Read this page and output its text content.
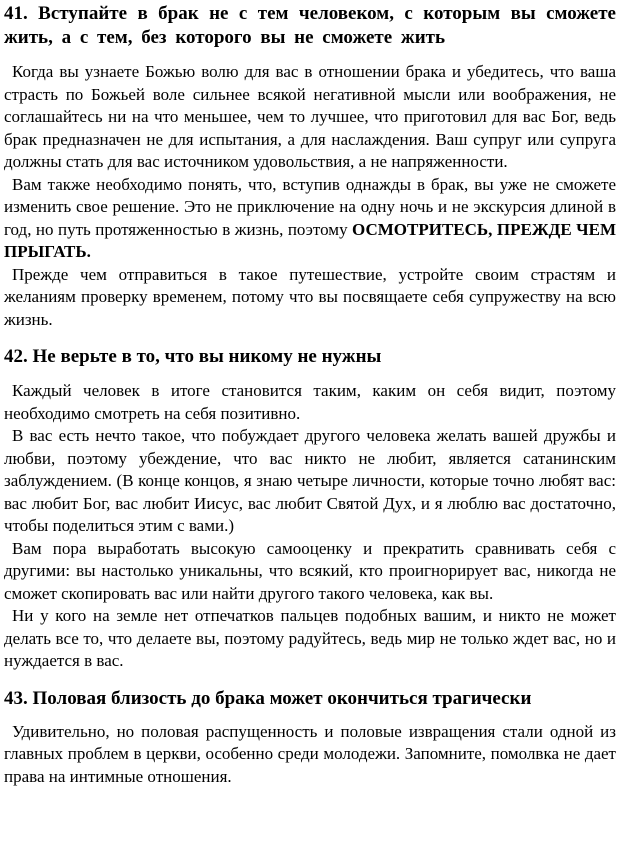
41. Вступайте в брак не с тем человеком, с которым вы сможете жить, а с тем, без которого вы не сможете жить

Когда вы узнаете Божью волю для вас в отношении брака и убедитесь, что ваша страсть по Божьей воле сильнее всякой негативной мысли или воображения, не соглашайтесь ни на что меньшее, чем то лучшее, что приготовил для вас Бог, ведь брак предназначен не для испытания, а для наслаждения. Ваш супруг или супруга должны стать для вас источником удовольствия, а не напряженности.

Вам также необходимо понять, что, вступив однажды в брак, вы уже не сможете изменить свое решение. Это не приключение на одну ночь и не экскурсия длиной в год, но путь протяженностью в жизнь, поэтому ОСМОТРИТЕСЬ, ПРЕЖДЕ ЧЕМ ПРЫГАТЬ.

Прежде чем отправиться в такое путешествие, устройте своим страстям и желаниям проверку временем, потому что вы посвящаете себя супружеству на всю жизнь.

42. Не верьте в то, что вы никому не нужны

Каждый человек в итоге становится таким, каким он себя видит, поэтому необходимо смотреть на себя позитивно.

В вас есть нечто такое, что побуждает другого человека желать вашей дружбы и любви, поэтому убеждение, что вас никто не любит, является сатанинским заблуждением. (В конце концов, я знаю четыре личности, которые точно любят вас: вас любит Бог, вас любит Иисус, вас любит Святой Дух, и я люблю вас достаточно, чтобы поделиться этим с вами.)

Вам пора выработать высокую самооценку и прекратить сравнивать себя с другими: вы настолько уникальны, что всякий, кто проигнорирует вас, никогда не сможет скопировать вас или найти другого такого человека, как вы.

Ни у кого на земле нет отпечатков пальцев подобных вашим, и никто не может делать все то, что делаете вы, поэтому радуйтесь, ведь мир не только ждет вас, но и нуждается в вас.

43. Половая близость до брака может окончиться трагически

Удивительно, но половая распущенность и половые извращения стали одной из главных проблем в церкви, особенно среди молодежи. Запомните, помолвка не дает права на интимные отношения.
